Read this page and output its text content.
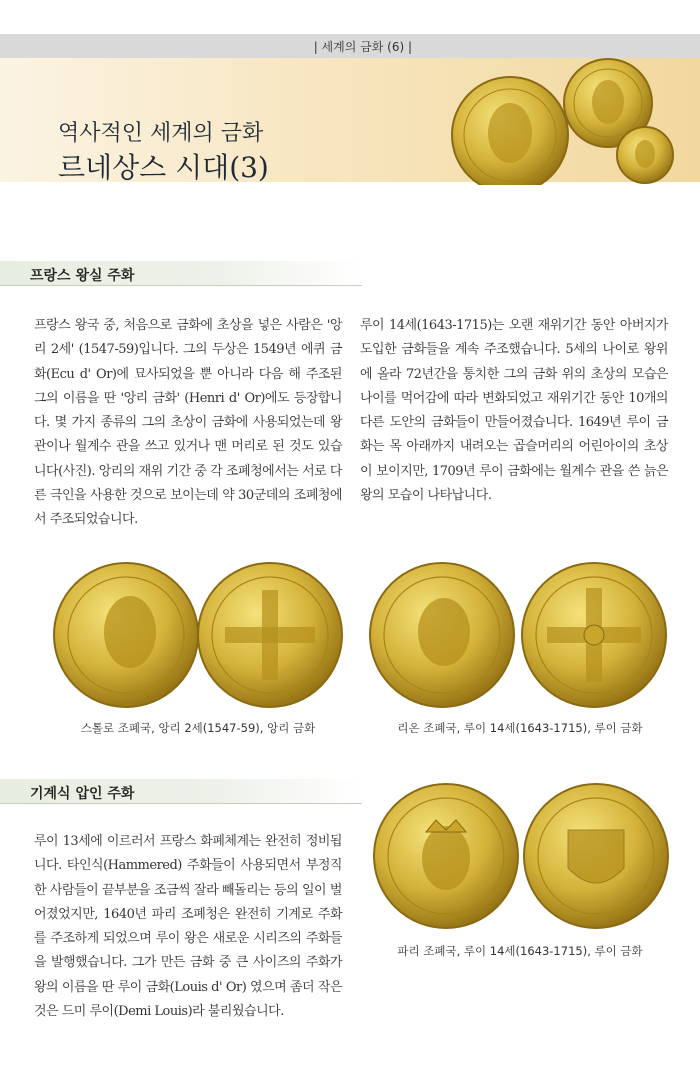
| 세계의 금화 (6) |
역사적인 세계의 금화
르네상스 시대(3)
프랑스 왕실 주화
프랑스 왕국 중, 처음으로 금화에 초상을 넣은 사람은 '앙리 2세' (1547-59)입니다. 그의 두상은 1549년 에퀴 금화(Ecu d' Or)에 묘사되었을 뿐 아니라 다음 해 주조된 그의 이름을 딴 '앙리 금화' (Henri d' Or)에도 등장합니다. 몇 가지 종류의 그의 초상이 금화에 사용되었는데 왕관이나 월계수 관을 쓰고 있거나 맨 머리로 된 것도 있습니다(사진). 앙리의 재위 기간 중 각 조폐청에서는 서로 다른 극인을 사용한 것으로 보이는데 약 30군데의 조폐청에서 주조되었습니다.
루이 14세(1643-1715)는 오랜 재위기간 동안 아버지가 도입한 금화들을 계속 주조했습니다. 5세의 나이로 왕위에 올라 72년간을 통치한 그의 금화 위의 초상의 모습은 나이를 먹어감에 따라 변화되었고 재위기간 동안 10개의 다른 도안의 금화들이 만들어졌습니다. 1649년 루이 금화는 목 아래까지 내려오는 곱슬머리의 어린아이의 초상이 보이지만, 1709년 루이 금화에는 월계수 관을 쓴 늙은 왕의 모습이 나타납니다.
스톨로 조폐국, 앙리 2세(1547-59), 앙리 금화	리온 조폐국, 루이 14세(1643-1715), 루이 금화
기계식 압인 주화
루이 13세에 이르러서 프랑스 화폐체계는 완전히 정비됩니다. 타인식(Hammered) 주화들이 사용되면서 부정직한 사람들이 끝부분을 조금씩 잘라 빼돌리는 등의 일이 벌어졌었지만, 1640년 파리 조폐청은 완전히 기계로 주화를 주조하게 되었으며 루이 왕은 새로운 시리즈의 주화들을 발행했습니다. 그가 만든 금화 중 큰 사이즈의 주화가 왕의 이름을 딴 루이 금화(Louis d' Or) 였으며 좀더 작은 것은 드미 루이(Demi Louis)라 불리웠습니다.
파리 조폐국, 루이 14세(1643-1715), 루이 금화
